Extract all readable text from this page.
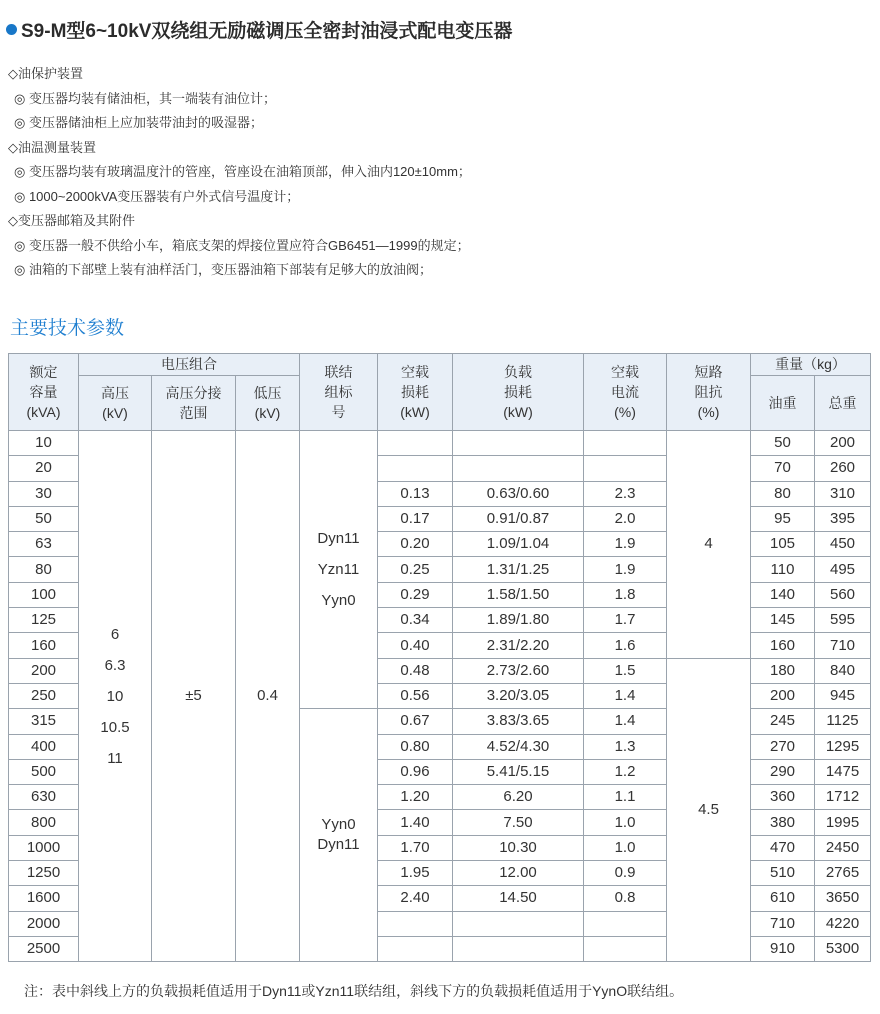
S9-M型6~10kV双绕组无励磁调压全密封油浸式配电变压器
◇油保护装置
◎ 变压器均装有储油柜，其一端装有油位计；
◎ 变压器储油柜上应加装带油封的吸湿器；
◇油温测量装置
◎ 变压器均装有玻璃温度汁的管座，管座设在油箱顶部，伸入油内120±10mm；
◎ 1000~2000kVA变压器装有户外式信号温度计；
◇变压器邮箱及其附件
◎ 变压器一般不供给小车，箱底支架的焊接位置应符合GB6451—1999的规定；
◎ 油箱的下部壁上装有油样活门，变压器油箱下部装有足够大的放油阀；
主要技术参数
额定
容量
(kVA)	电压组合			联结
组标
号	空载
损耗
(kW)	负载
损耗
(kW)	空载
电流
(%)	短路
阻抗
(%)	重量（kg）	

	高压
(kV)	高压分接
范围	低压
(kV)						油重	总重
10	6
6.3
10
10.5
11	±5	0.4	Dyn11
Yzn11
Yyn0				4	50	200
20									70	260
30					0.13	0.63/0.60	2.3		80	310
50					0.17	0.91/0.87	2.0		95	395
63					0.20	1.09/1.04	1.9		105	450
80					0.25	1.31/1.25	1.9		110	495
100					0.29	1.58/1.50	1.8		140	560
125					0.34	1.89/1.80	1.7		145	595
160					0.40	2.31/2.20	1.6		160	710
200					0.48	2.73/2.60	1.5	4.5	180	840
250					0.56	3.20/3.05	1.4		200	945
315				Yyn0
Dyn11	0.67	3.83/3.65	1.4		245	1125
400					0.80	4.52/4.30	1.3		270	1295
500					0.96	5.41/5.15	1.2		290	1475
630					1.20	6.20	1.1		360	1712
800					1.40	7.50	1.0		380	1995
1000					1.70	10.30	1.0		470	2450
1250					1.95	12.00	0.9		510	2765
1600					2.40	14.50	0.8		610	3650
2000									710	4220
2500									910	5300
注：表中斜线上方的负载损耗值适用于Dyn11或Yzn11联结组，斜线下方的负载损耗值适用于YynO联结组。
